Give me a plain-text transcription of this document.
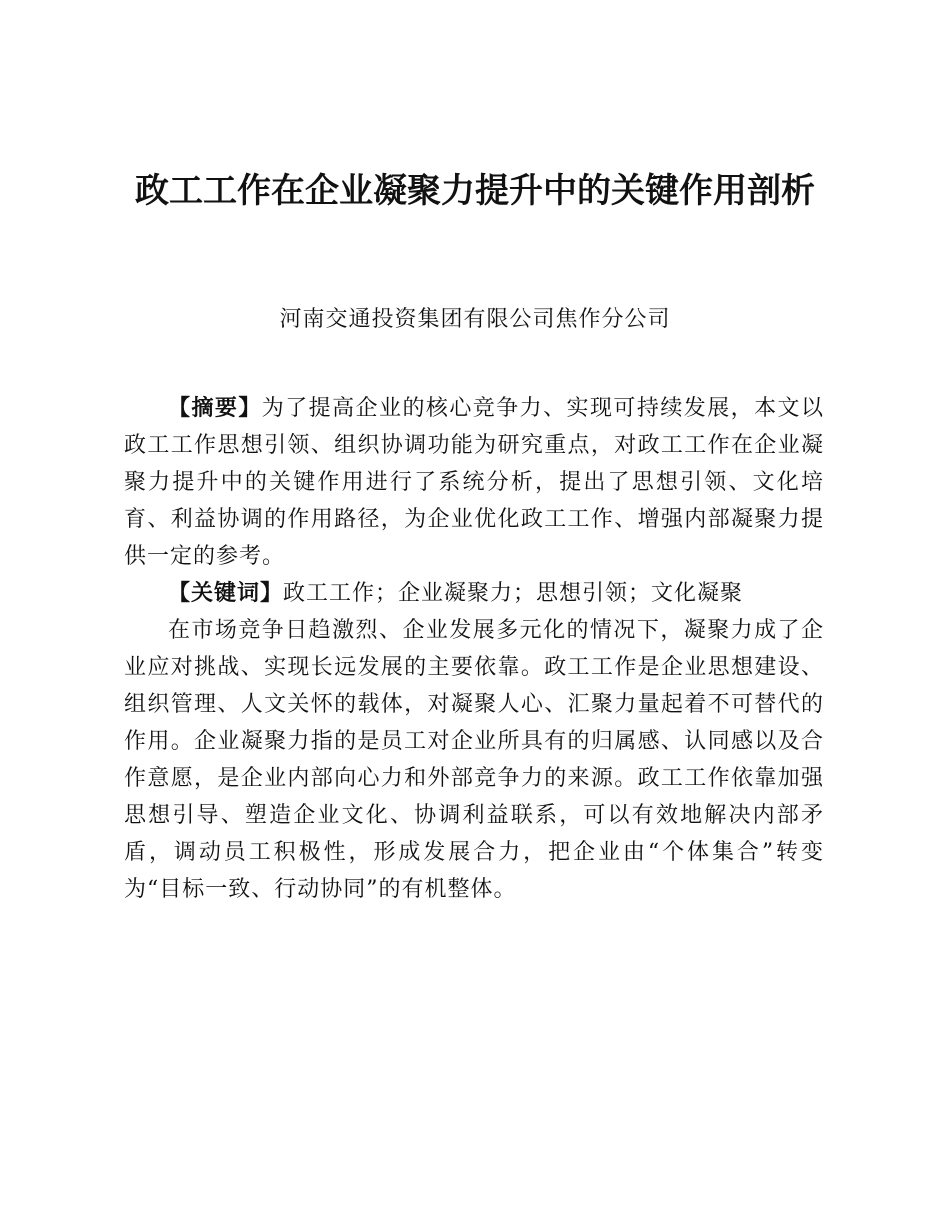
政工工作在企业凝聚力提升中的关键作用剖析
河南交通投资集团有限公司焦作分公司

【摘要】为了提高企业的核心竞争力、实现可持续发展，本文以政工工作思想引领、组织协调功能为研究重点，对政工工作在企业凝聚力提升中的关键作用进行了系统分析，提出了思想引领、文化培育、利益协调的作用路径，为企业优化政工工作、增强内部凝聚力提供一定的参考。

【关键词】政工工作；企业凝聚力；思想引领；文化凝聚

在市场竞争日趋激烈、企业发展多元化的情况下，凝聚力成了企业应对挑战、实现长远发展的主要依靠。政工工作是企业思想建设、组织管理、人文关怀的载体，对凝聚人心、汇聚力量起着不可替代的作用。企业凝聚力指的是员工对企业所具有的归属感、认同感以及合作意愿，是企业内部向心力和外部竞争力的来源。政工工作依靠加强思想引导、塑造企业文化、协调利益联系，可以有效地解决内部矛盾，调动员工积极性，形成发展合力，把企业由“个体集合”转变为“目标一致、行动协同”的有机整体。
